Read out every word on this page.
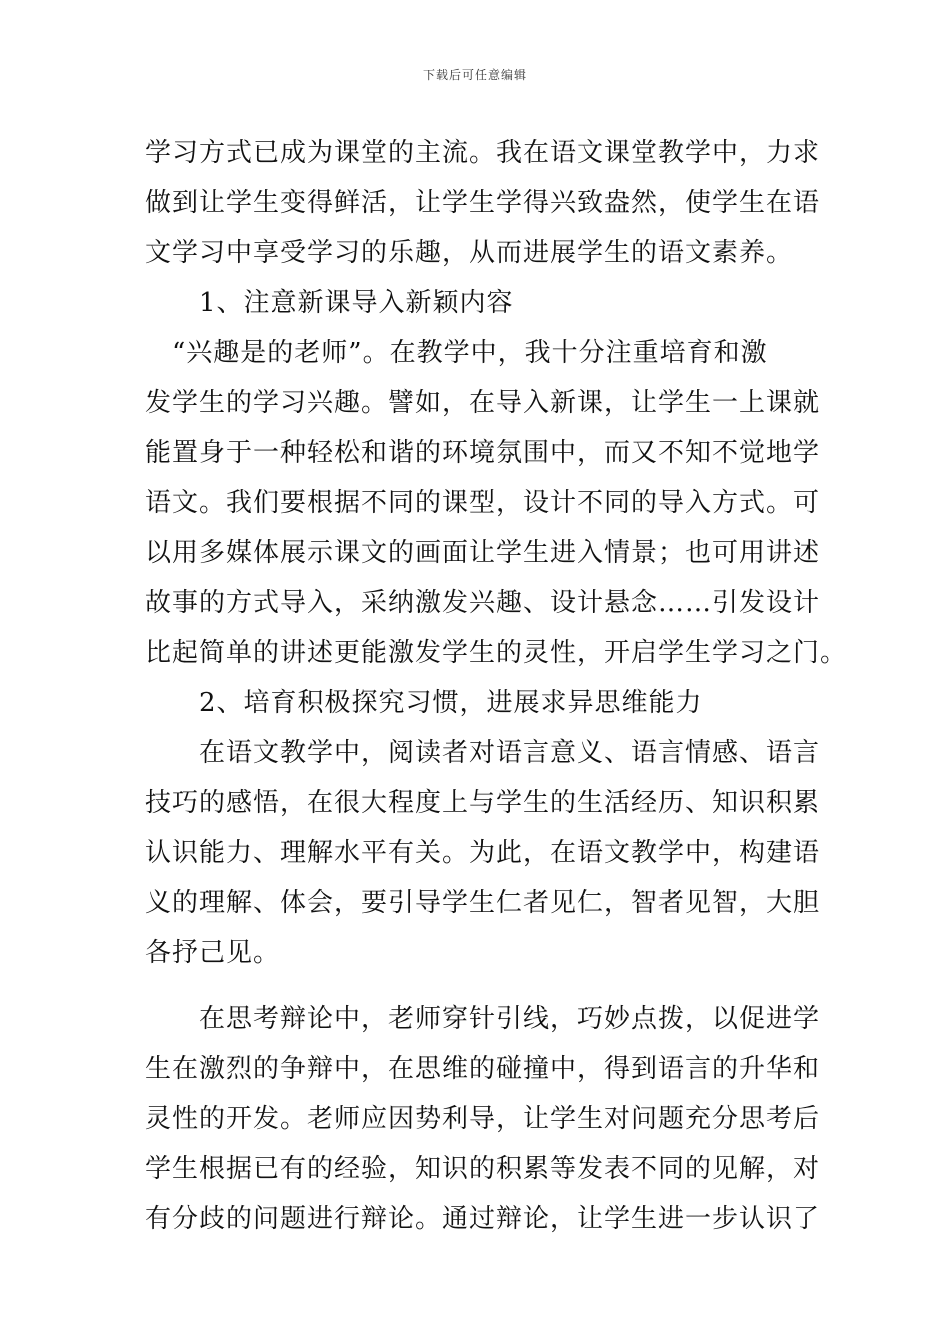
下载后可任意编辑
学习方式已成为课堂的主流。我在语文课堂教学中，力求
做到让学生变得鲜活，让学生学得兴致盎然，使学生在语
文学习中享受学习的乐趣，从而进展学生的语文素养。
　　1、注意新课导入新颖内容
　“兴趣是的老师”。在教学中，我十分注重培育和激
发学生的学习兴趣。譬如，在导入新课，让学生一上课就
能置身于一种轻松和谐的环境氛围中，而又不知不觉地学
语文。我们要根据不同的课型，设计不同的导入方式。可
以用多媒体展示课文的画面让学生进入情景；也可用讲述
故事的方式导入，采纳激发兴趣、设计悬念……引发设计
比起简单的讲述更能激发学生的灵性，开启学生学习之门。
　　2、培育积极探究习惯，进展求异思维能力
　　在语文教学中，阅读者对语言意义、语言情感、语言
技巧的感悟，在很大程度上与学生的生活经历、知识积累
认识能力、理解水平有关。为此，在语文教学中，构建语
义的理解、体会，要引导学生仁者见仁，智者见智，大胆
各抒己见。
　　在思考辩论中，老师穿针引线，巧妙点拨，以促进学
生在激烈的争辩中，在思维的碰撞中，得到语言的升华和
灵性的开发。老师应因势利导，让学生对问题充分思考后
学生根据已有的经验，知识的积累等发表不同的见解，对
有分歧的问题进行辩论。通过辩论，让学生进一步认识了
